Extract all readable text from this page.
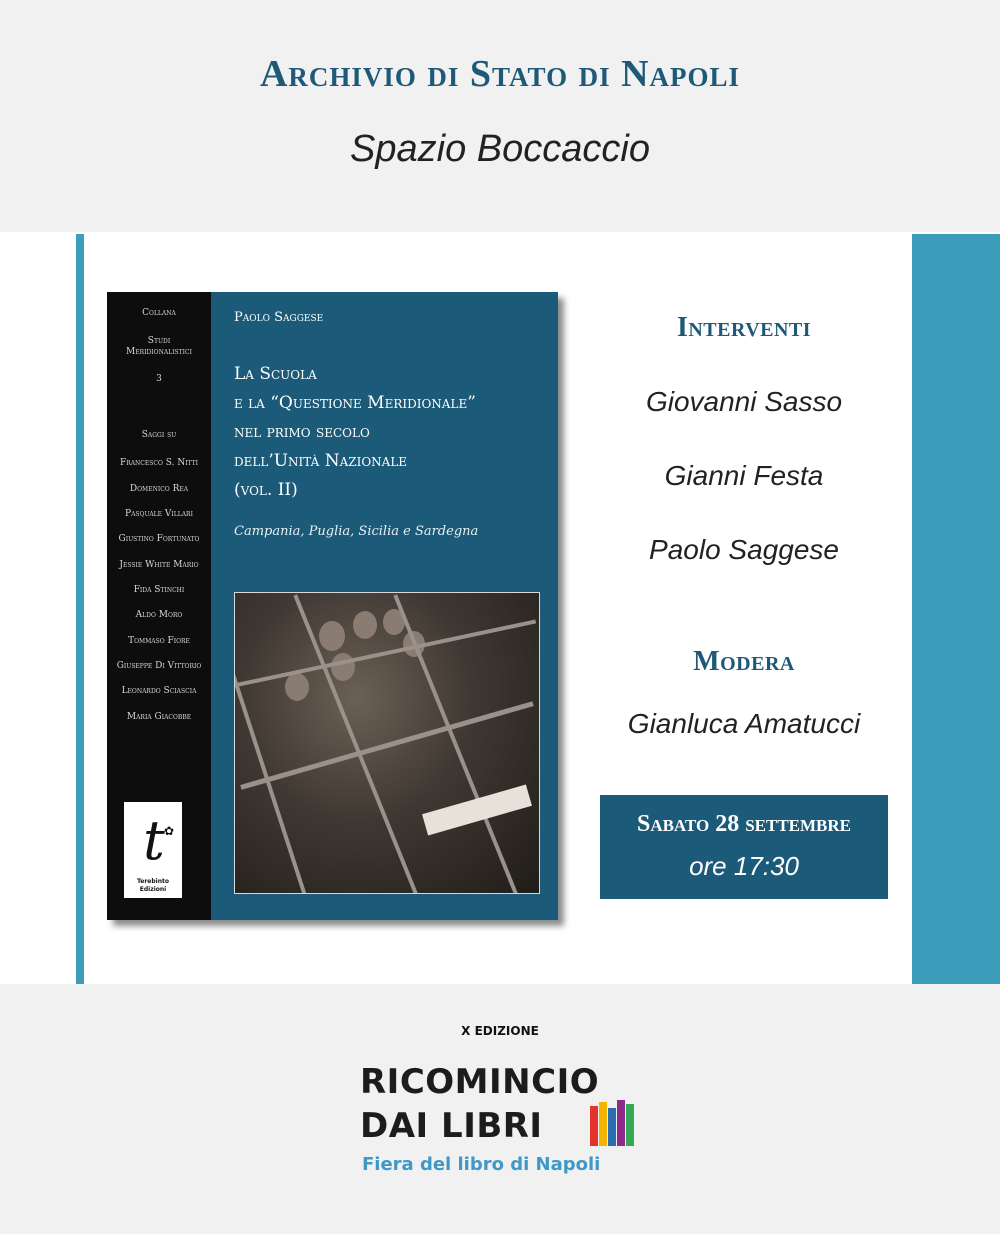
Archivio di Stato di Napoli
Spazio Boccaccio
Collana
Studi
Meridionalistici
3
Saggi su
Francesco S. Nitti
Domenico Rea
Pasquale Villari
Giustino Fortunato
Jessie White Mario
Fida Stinchi
Aldo Moro
Tommaso Fiore
Giuseppe Di Vittorio
Leonardo Sciascia
Maria Giacobbe
t ✿
Terebinto
Edizioni
Paolo Saggese
La Scuola
e la “Questione Meridionale”
nel primo secolo
dell’Unità Nazionale
(vol. II)
Campania, Puglia, Sicilia e Sardegna
Interventi
Giovanni Sasso
Gianni Festa
Paolo Saggese
Modera
Gianluca Amatucci
Sabato 28 settembre
ore 17:30
X EDIZIONE
RICOMINCIO
DAI LIBRI
Fiera del libro di Napoli
